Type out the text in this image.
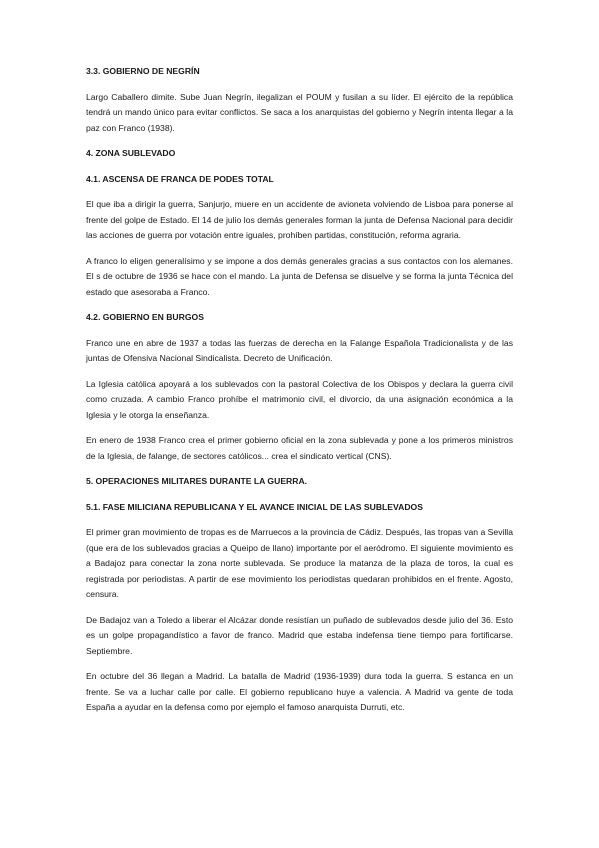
3.3. GOBIERNO DE NEGRÍN

Largo Caballero dimite. Sube Juan Negrín, ilegalizan el POUM y fusilan a su líder. El ejército de la república tendrá un mando único para evitar conflictos. Se saca a los anarquistas del gobierno y Negrín intenta llegar a la paz con Franco (1938).

4. ZONA SUBLEVADO
4.1. ASCENSA DE FRANCA DE PODES TOTAL

El que iba a dirigir la guerra, Sanjurjo, muere en un accidente de avioneta volviendo de Lisboa para ponerse al frente del golpe de Estado. El 14 de julio los demás generales forman la junta de Defensa Nacional para decidir las acciones de guerra por votación entre iguales, prohíben partidas, constitución, reforma agraria.

A franco lo eligen generalísimo y se impone a dos demás generales gracias a sus contactos con los alemanes. El s de octubre de 1936 se hace con el mando. La junta de Defensa se disuelve y se forma la junta Técnica del estado que asesoraba a Franco.

4.2. GOBIERNO EN BURGOS

Franco une en abre de 1937 a todas las fuerzas de derecha en la Falange Española Tradicionalista y de las juntas de Ofensiva Nacional Sindicalista. Decreto de Unificación.

La Iglesia católica apoyará a los sublevados con la pastoral Colectiva de los Obispos y declara la guerra civil como cruzada. A cambio Franco prohíbe el matrimonio civil, el divorcio, da una asignación económica a la Iglesia y le otorga la enseñanza.

En enero de 1938 Franco crea el primer gobierno oficial en la zona sublevada y pone a los primeros ministros de la Iglesia, de falange, de sectores católicos... crea el sindicato vertical (CNS).

5. OPERACIONES MILITARES DURANTE LA GUERRA.
5.1. FASE MILICIANA REPUBLICANA Y EL AVANCE INICIAL DE LAS SUBLEVADOS

El primer gran movimiento de tropas es de Marruecos a la provincia de Cádiz. Después, las tropas van a Sevilla (que era de los sublevados gracias a Queipo de llano) importante por el aeródromo. El siguiente movimiento es a Badajoz para conectar la zona norte sublevada. Se produce la matanza de la plaza de toros, la cual es registrada por periodistas. A partir de ese movimiento los periodistas quedaran prohibidos en el frente. Agosto, censura.

De Badajoz van a Toledo a liberar el Alcázar donde resistían un puñado de sublevados desde julio del 36. Esto es un golpe propagandístico a favor de franco. Madrid que estaba indefensa tiene tiempo para fortificarse. Septiembre.

En octubre del 36 llegan a Madrid. La batalla de Madrid (1936-1939) dura toda la guerra. S estanca en un frente. Se va a luchar calle por calle. El gobierno republicano huye a valencia. A Madrid va gente de toda España a ayudar en la defensa como por ejemplo el famoso anarquista Durruti, etc.
